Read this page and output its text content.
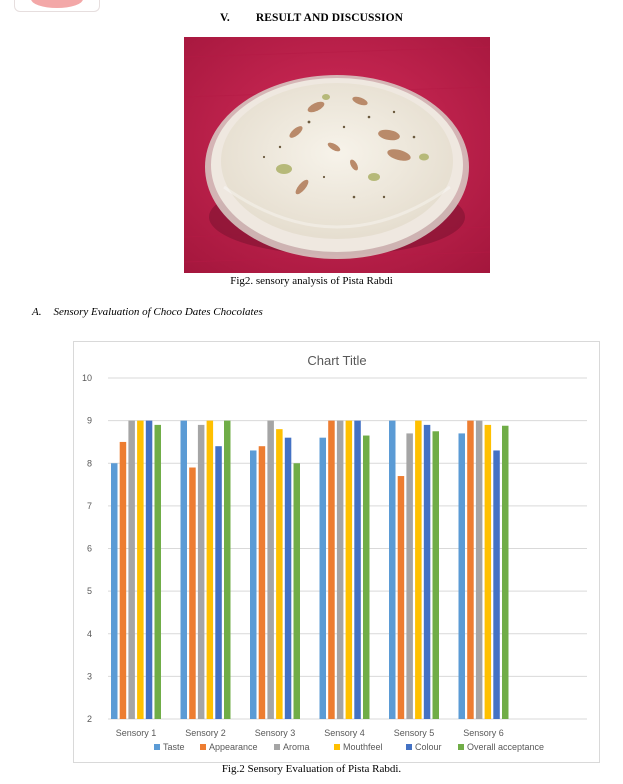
V. RESULT AND DISCUSSION
Fig2. sensory analysis of Pista Rabdi
A. Sensory Evaluation of Choco Dates Chocolates
Chart Title
2
3
4
5
6
7
8
9
10
Sensory 1	Sensory 2	Sensory 3	Sensory 4	Sensory 5	Sensory 6
Taste	Appearance	Aroma	Mouthfeel	Colour	Overall acceptance
Fig.2 Sensory Evaluation of Pista Rabdi.
